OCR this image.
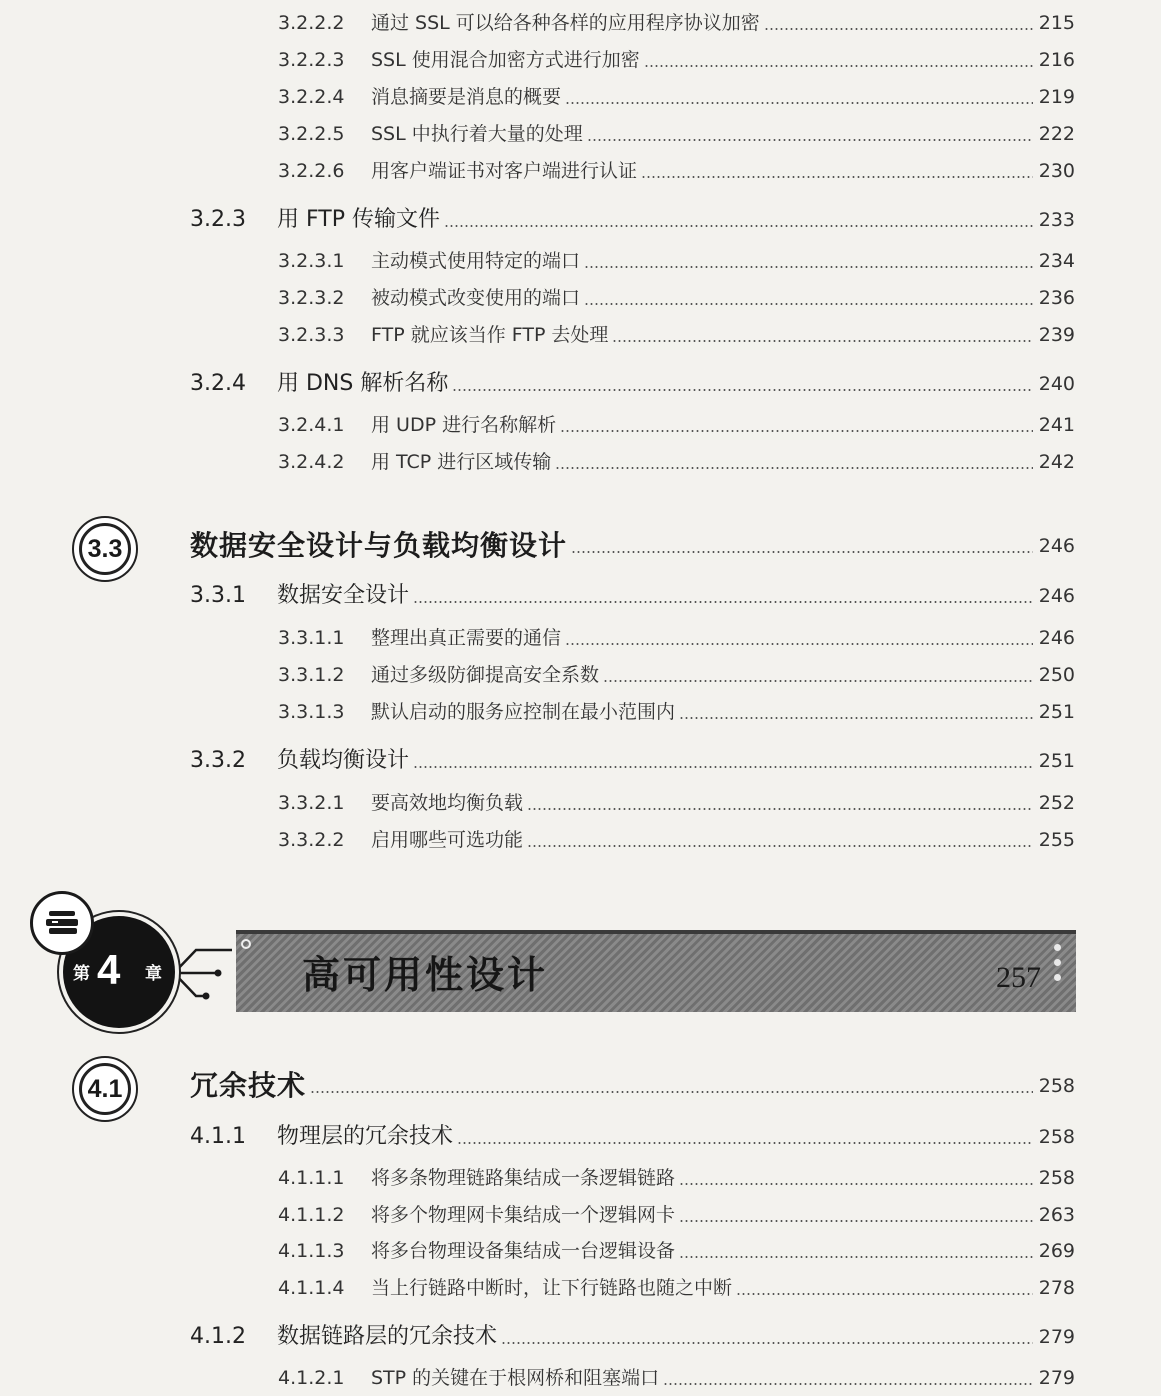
3.2.2.2 通过 SSL 可以给各种各样的应用程序协议加密	215
3.2.2.3 SSL 使用混合加密方式进行加密	216
3.2.2.4 消息摘要是消息的概要	219
3.2.2.5 SSL 中执行着大量的处理	222
3.2.2.6 用客户端证书对客户端进行认证	230
3.2.3 用 FTP 传输文件	233
3.2.3.1 主动模式使用特定的端口	234
3.2.3.2 被动模式改变使用的端口	236
3.2.3.3 FTP 就应该当作 FTP 去处理	239
3.2.4 用 DNS 解析名称	240
3.2.4.1 用 UDP 进行名称解析	241
3.2.4.2 用 TCP 进行区域传输	242
3.3	数据安全设计与负载均衡设计	246
3.3.1 数据安全设计	246
3.3.1.1 整理出真正需要的通信	246
3.3.1.2 通过多级防御提高安全系数	250
3.3.1.3 默认启动的服务应控制在最小范围内	251
3.3.2 负载均衡设计	251
3.3.2.1 要高效地均衡负载	252
3.3.2.2 启用哪些可选功能	255
4.1	冗余技术	258
4.1.1 物理层的冗余技术	258
4.1.1.1 将多条物理链路集结成一条逻辑链路	258
4.1.1.2 将多个物理网卡集结成一个逻辑网卡	263
4.1.1.3 将多台物理设备集结成一台逻辑设备	269
4.1.1.4 当上行链路中断时，让下行链路也随之中断	278
4.1.2 数据链路层的冗余技术	279
4.1.2.1 STP 的关键在于根网桥和阻塞端口	279
高可用性设计	257
第 4 章
